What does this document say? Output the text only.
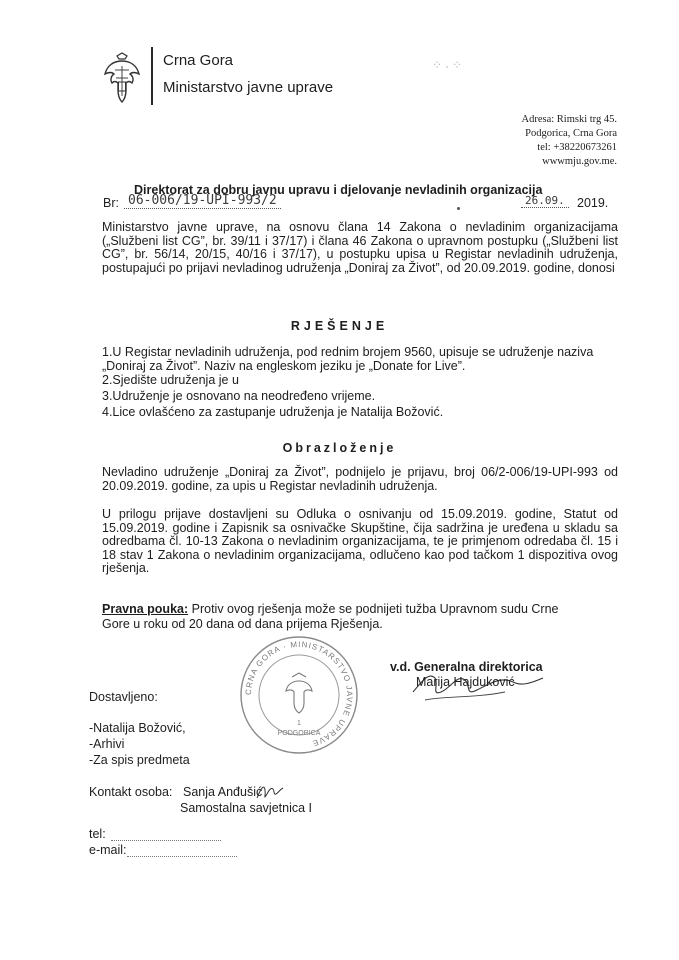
Crna Gora
Ministarstvo javne uprave
⁘ ⸳ ⁘
Adresa: Rimski trg 45.
Podgorica, Crna Gora
tel: +38220673261
wwwmju.gov.me.
Direktorat za dobru javnu upravu i djelovanje nevladinih organizacija
Br: 06-006/19-UPI-993/2	26.09. 2019.

Ministarstvo javne uprave, na osnovu člana 14 Zakona o nevladinim organizacijama („Službeni list CG”, br. 39/11 i 37/17) i člana 46 Zakona o upravnom postupku („Službeni list CG”, br. 56/14, 20/15, 40/16 i 37/17), u postupku upisa u Registar nevladinih udruženja, postupajući po prijavi nevladinog udruženja „Doniraj za Život”, od 20.09.2019. godine, donosi

RJEŠENJE
1.U Registar nevladinih udruženja, pod rednim brojem 9560, upisuje se udruženje naziva
„Doniraj za Život”. Naziv na engleskom jeziku je „Donate for Live”.
2.Sjedište udruženja je u
3.Udruženje je osnovano na neodređeno vrijeme.
4.Lice ovlašćeno za zastupanje udruženja je Natalija Božović.
Obrazloženje

Nevladino udruženje „Doniraj za Život”, podnijelo je prijavu, broj 06/2-006/19-UPI-993 od 20.09.2019. godine, za upis u Registar nevladinih udruženja.

U prilogu prijave dostavljeni su Odluka o osnivanju od 15.09.2019. godine, Statut od 15.09.2019. godine i Zapisnik sa osnivačke Skupštine, čija sadržina je uređena u skladu sa odredbama čl. 10-13 Zakona o nevladinim organizacijama, te je primjenom odredaba čl. 15 i 18 stav 1 Zakona o nevladinim organizacijama, odlučeno kao pod tačkom 1 dispozitiva ovog rješenja.

Pravna pouka: Protiv ovog rješenja može se podnijeti tužba Upravnom sudu Crne
Gore u roku od 20 dana od dana prijema Rješenja.
CRNA GORA · MINISTARSTVO JAVNE UPRAVE
1
PODGORICA
v.d. Generalna direktorica
Marija Hajduković
Dostavljeno:
-Natalija Božović,
-Arhivi
-Za spis predmeta
Kontakt osoba: Sanja Anđušić
Samostalna savjetnica I
tel:
e-mail:
